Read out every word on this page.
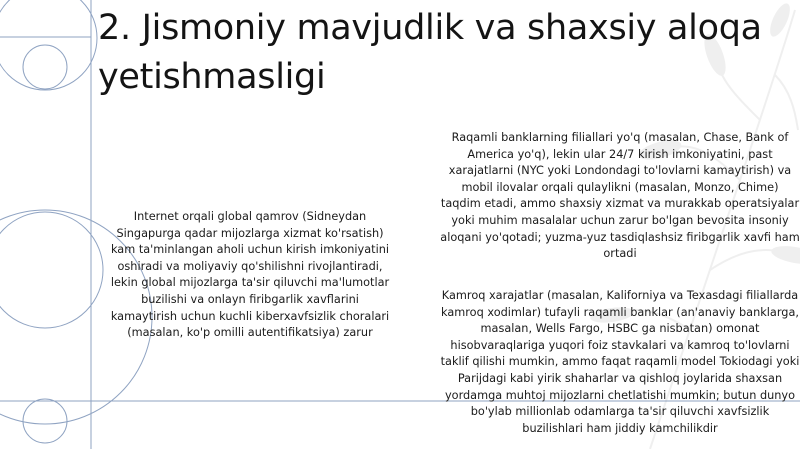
2. Jismoniy mavjudlik va shaxsiy aloqa yetishmasligi

Internet orqali global qamrov (Sidneydan Singapurga qadar mijozlarga xizmat ko'rsatish) kam ta'minlangan aholi uchun kirish imkoniyatini oshiradi va moliyaviy qo'shilishni rivojlantiradi, lekin global mijozlarga ta'sir qiluvchi ma'lumotlar buzilishi va onlayn firibgarlik xavflarini kamaytirish uchun kuchli kiberxavfsizlik choralari (masalan, ko'p omilli autentifikatsiya) zarur

Raqamli banklarning filiallari yo'q (masalan, Chase, Bank of America yo'q), lekin ular 24/7 kirish imkoniyatini, past xarajatlarni (NYC yoki Londondagi to'lovlarni kamaytirish) va mobil ilovalar orqali qulaylikni (masalan, Monzo, Chime) taqdim etadi, ammo shaxsiy xizmat va murakkab operatsiyalar yoki muhim masalalar uchun zarur bo'lgan bevosita insoniy aloqani yo'qotadi; yuzma-yuz tasdiqlashsiz firibgarlik xavfi ham ortadi

Kamroq xarajatlar (masalan, Kaliforniya va Texasdagi filiallarda kamroq xodimlar) tufayli raqamli banklar (an'anaviy banklarga, masalan, Wells Fargo, HSBC ga nisbatan) omonat hisobvaraqlariga yuqori foiz stavkalari va kamroq to'lovlarni taklif qilishi mumkin, ammo faqat raqamli model Tokiodagi yoki Parijdagi kabi yirik shaharlar va qishloq joylarida shaxsan yordamga muhtoj mijozlarni chetlatishi mumkin; butun dunyo bo'ylab millionlab odamlarga ta'sir qiluvchi xavfsizlik buzilishlari ham jiddiy kamchilikdir
